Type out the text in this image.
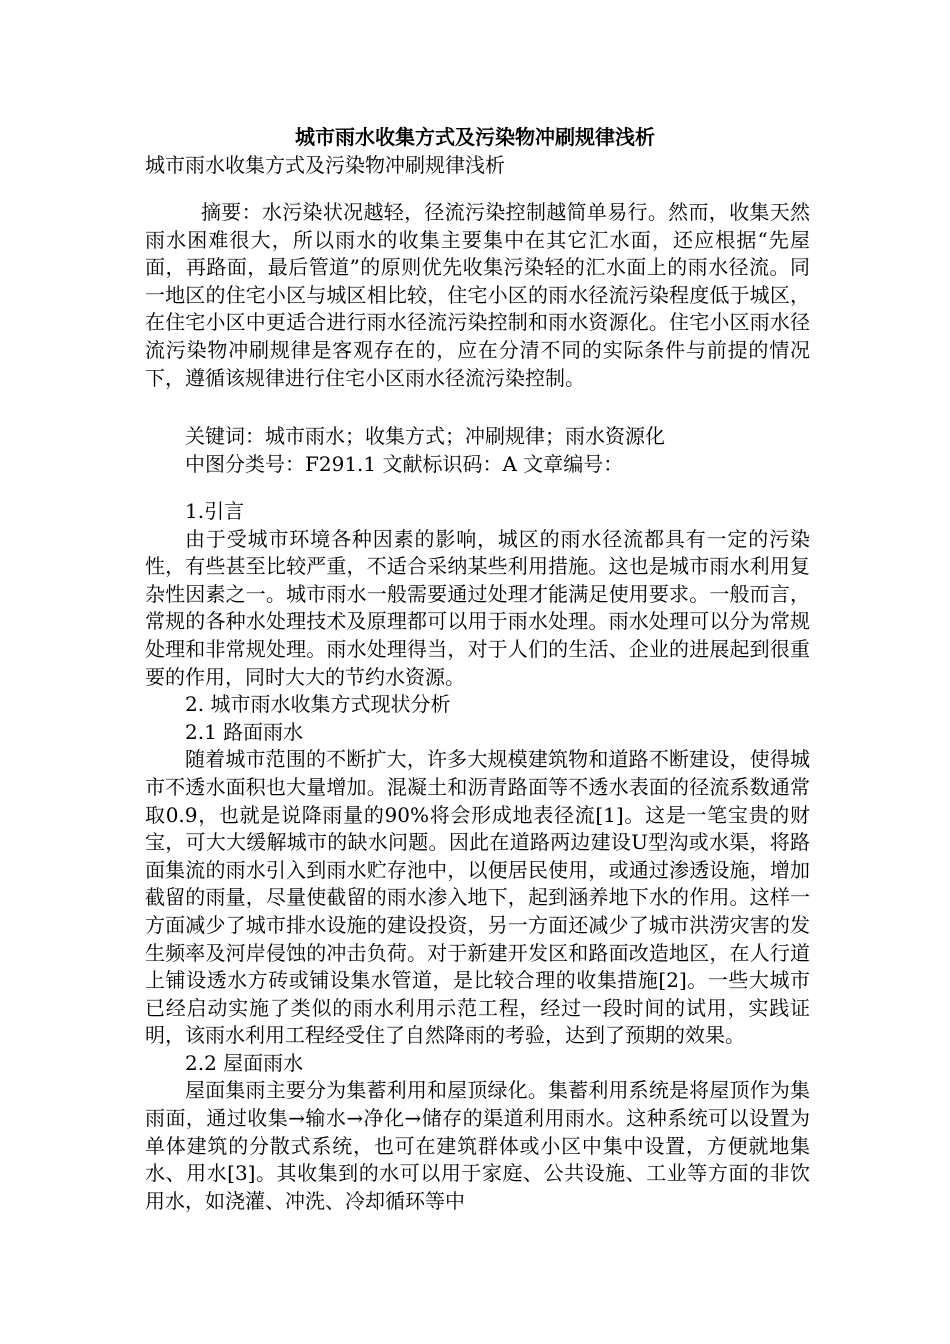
城市雨水收集方式及污染物冲刷规律浅析
城市雨水收集方式及污染物冲刷规律浅析

摘要：水污染状况越轻，径流污染控制越简单易行。然而，收集天然雨水困难很大，所以雨水的收集主要集中在其它汇水面，还应根据“先屋面，再路面，最后管道”的原则优先收集污染轻的汇水面上的雨水径流。同一地区的住宅小区与城区相比较，住宅小区的雨水径流污染程度低于城区，在住宅小区中更适合进行雨水径流污染控制和雨水资源化。住宅小区雨水径流污染物冲刷规律是客观存在的，应在分清不同的实际条件与前提的情况下，遵循该规律进行住宅小区雨水径流污染控制。

关键词：城市雨水；收集方式；冲刷规律；雨水资源化

中图分类号：F291.1 文献标识码：A 文章编号：

1.引言

由于受城市环境各种因素的影响，城区的雨水径流都具有一定的污染性，有些甚至比较严重，不适合采纳某些利用措施。这也是城市雨水利用复杂性因素之一。城市雨水一般需要通过处理才能满足使用要求。一般而言，常规的各种水处理技术及原理都可以用于雨水处理。雨水处理可以分为常规处理和非常规处理。雨水处理得当，对于人们的生活、企业的进展起到很重要的作用，同时大大的节约水资源。

2. 城市雨水收集方式现状分析

2.1 路面雨水

随着城市范围的不断扩大，许多大规模建筑物和道路不断建设，使得城市不透水面积也大量增加。混凝土和沥青路面等不透水表面的径流系数通常取0.9，也就是说降雨量的90%将会形成地表径流[1]。这是一笔宝贵的财宝，可大大缓解城市的缺水问题。因此在道路两边建设U型沟或水渠，将路面集流的雨水引入到雨水贮存池中，以便居民使用，或通过渗透设施，增加截留的雨量，尽量使截留的雨水渗入地下，起到涵养地下水的作用。这样一方面减少了城市排水设施的建设投资，另一方面还减少了城市洪涝灾害的发生频率及河岸侵蚀的冲击负荷。对于新建开发区和路面改造地区，在人行道上铺设透水方砖或铺设集水管道，是比较合理的收集措施[2]。一些大城市已经启动实施了类似的雨水利用示范工程，经过一段时间的试用，实践证明，该雨水利用工程经受住了自然降雨的考验，达到了预期的效果。

2.2 屋面雨水

屋面集雨主要分为集蓄利用和屋顶绿化。集蓄利用系统是将屋顶作为集雨面，通过收集→输水→净化→储存的渠道利用雨水。这种系统可以设置为单体建筑的分散式系统，也可在建筑群体或小区中集中设置，方便就地集水、用水[3]。其收集到的水可以用于家庭、公共设施、工业等方面的非饮用水，如浇灌、冲洗、冷却循环等中
